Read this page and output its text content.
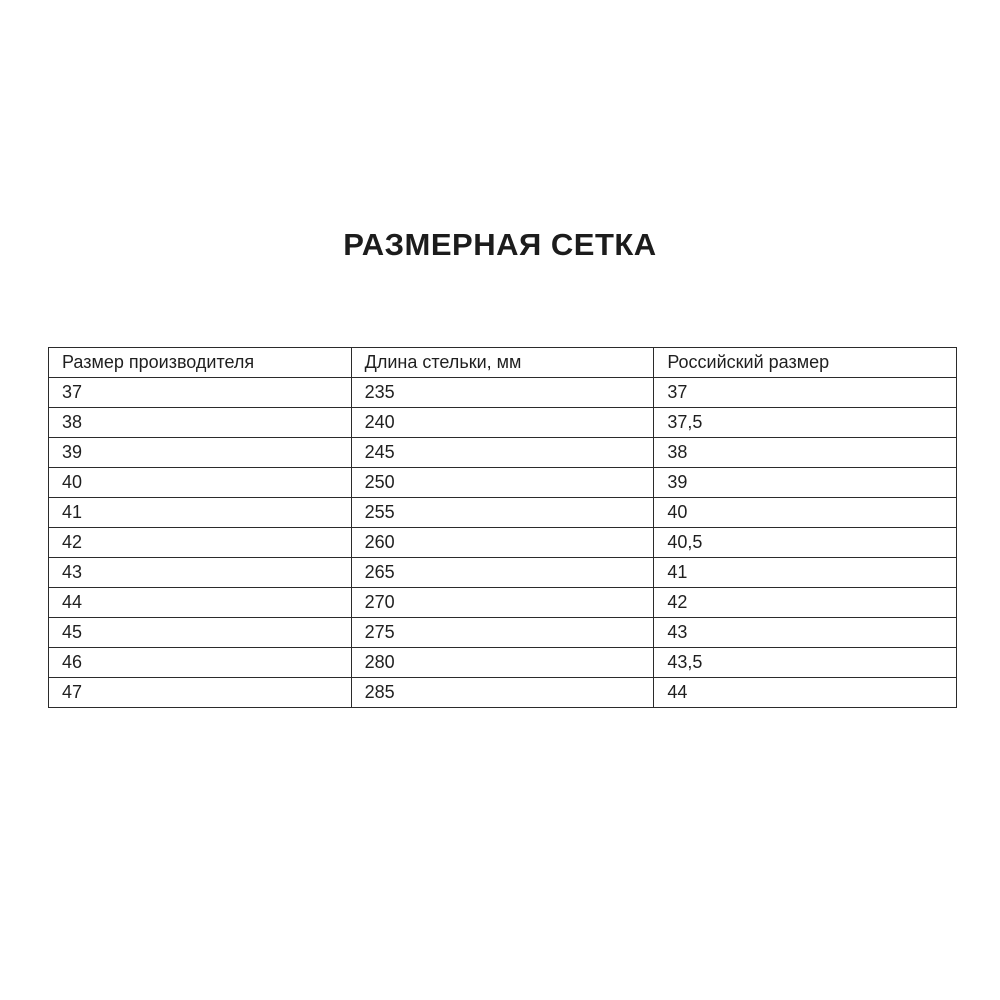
РАЗМЕРНАЯ СЕТКА
Размер производителя	Длина стельки, мм	Российский размер
37	235	37
38	240	37,5
39	245	38
40	250	39
41	255	40
42	260	40,5
43	265	41
44	270	42
45	275	43
46	280	43,5
47	285	44
